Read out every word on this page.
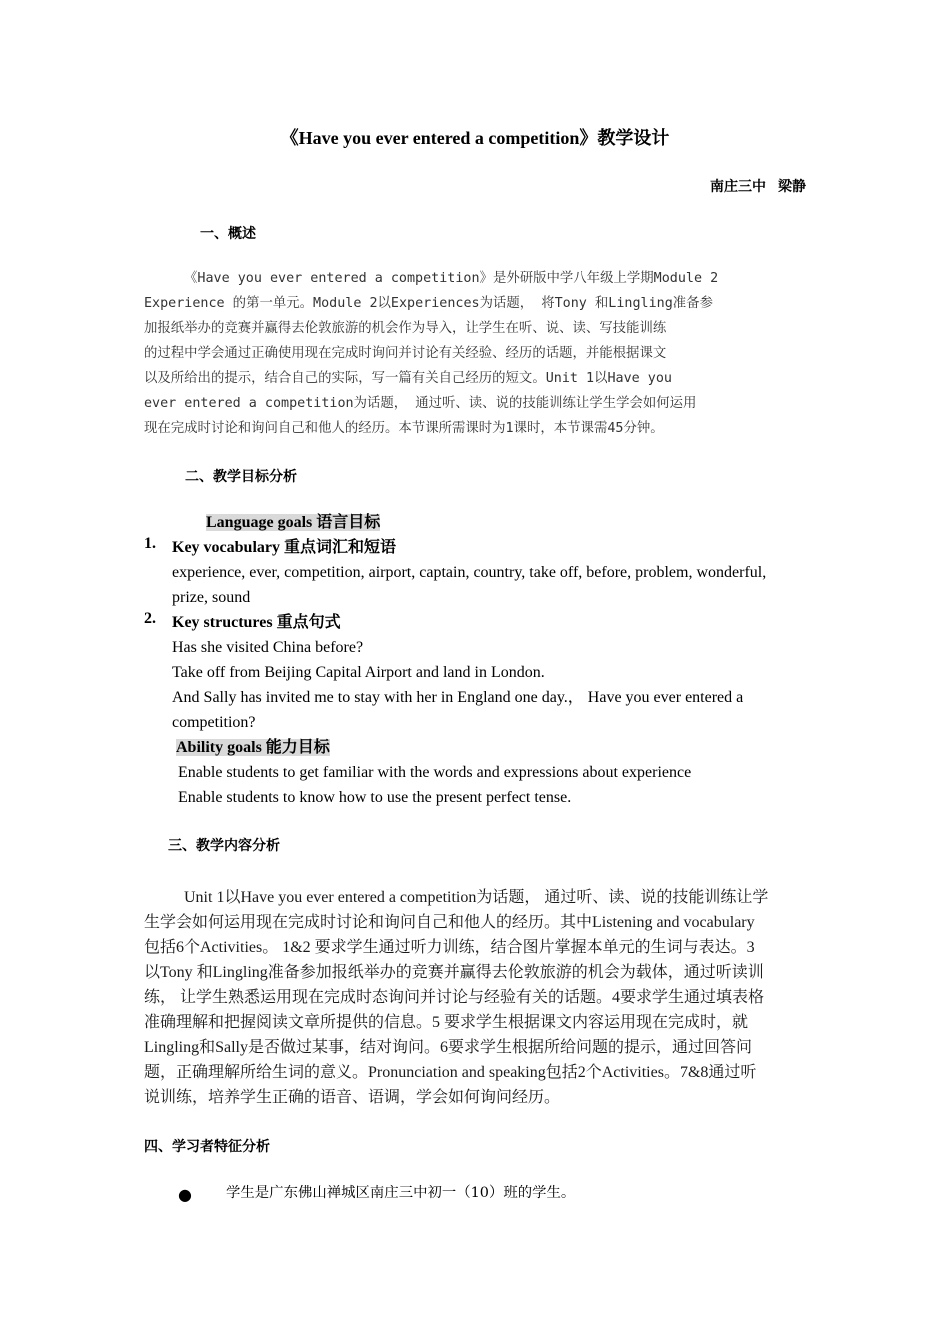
《Have you ever entered a competition》教学设计
南庄三中 梁静
一、概述
《Have you ever entered a competition》是外研版中学八年级上学期Module 2
Experience 的第一单元。Module 2以Experiences为话题， 将Tony 和Lingling准备参
加报纸举办的竞赛并赢得去伦敦旅游的机会作为导入，让学生在听、说、读、写技能训练
的过程中学会通过正确使用现在完成时询问并讨论有关经验、经历的话题，并能根据课文
以及所给出的提示，结合自己的实际，写一篇有关自己经历的短文。Unit 1以Have you
ever entered a competition为话题， 通过听、读、说的技能训练让学生学会如何运用
现在完成时讨论和询问自己和他人的经历。本节课所需课时为1课时，本节课需45分钟。
二、教学目标分析
Language goals 语言目标
1. Key vocabulary 重点词汇和短语
experience, ever, competition, airport, captain, country, take off, before, problem, wonderful,
prize, sound
2. Key structures 重点句式
Has she visited China before?
Take off from Beijing Capital Airport and land in London.
And Sally has invited me to stay with her in England one day.， Have you ever entered a
competition?
Ability goals 能力目标
Enable students to get familiar with the words and expressions about experience
Enable students to know how to use the present perfect tense.
三、教学内容分析
Unit 1以Have you ever entered a competition为话题， 通过听、读、说的技能训练让学
生学会如何运用现在完成时讨论和询问自己和他人的经历。其中Listening and vocabulary
包括6个Activities。 1&2 要求学生通过听力训练，结合图片掌握本单元的生词与表达。3
以Tony 和Lingling准备参加报纸举办的竞赛并赢得去伦敦旅游的机会为载体，通过听读训
练， 让学生熟悉运用现在完成时态询问并讨论与经验有关的话题。4要求学生通过填表格
准确理解和把握阅读文章所提供的信息。5 要求学生根据课文内容运用现在完成时，就
Lingling和Sally是否做过某事，结对询问。6要求学生根据所给问题的提示，通过回答问
题，正确理解所给生词的意义。Pronunciation and speaking包括2个Activities。7&8通过听
说训练，培养学生正确的语音、语调，学会如何询问经历。
四、学习者特征分析
● 学生是广东佛山禅城区南庄三中初一（10）班的学生。
